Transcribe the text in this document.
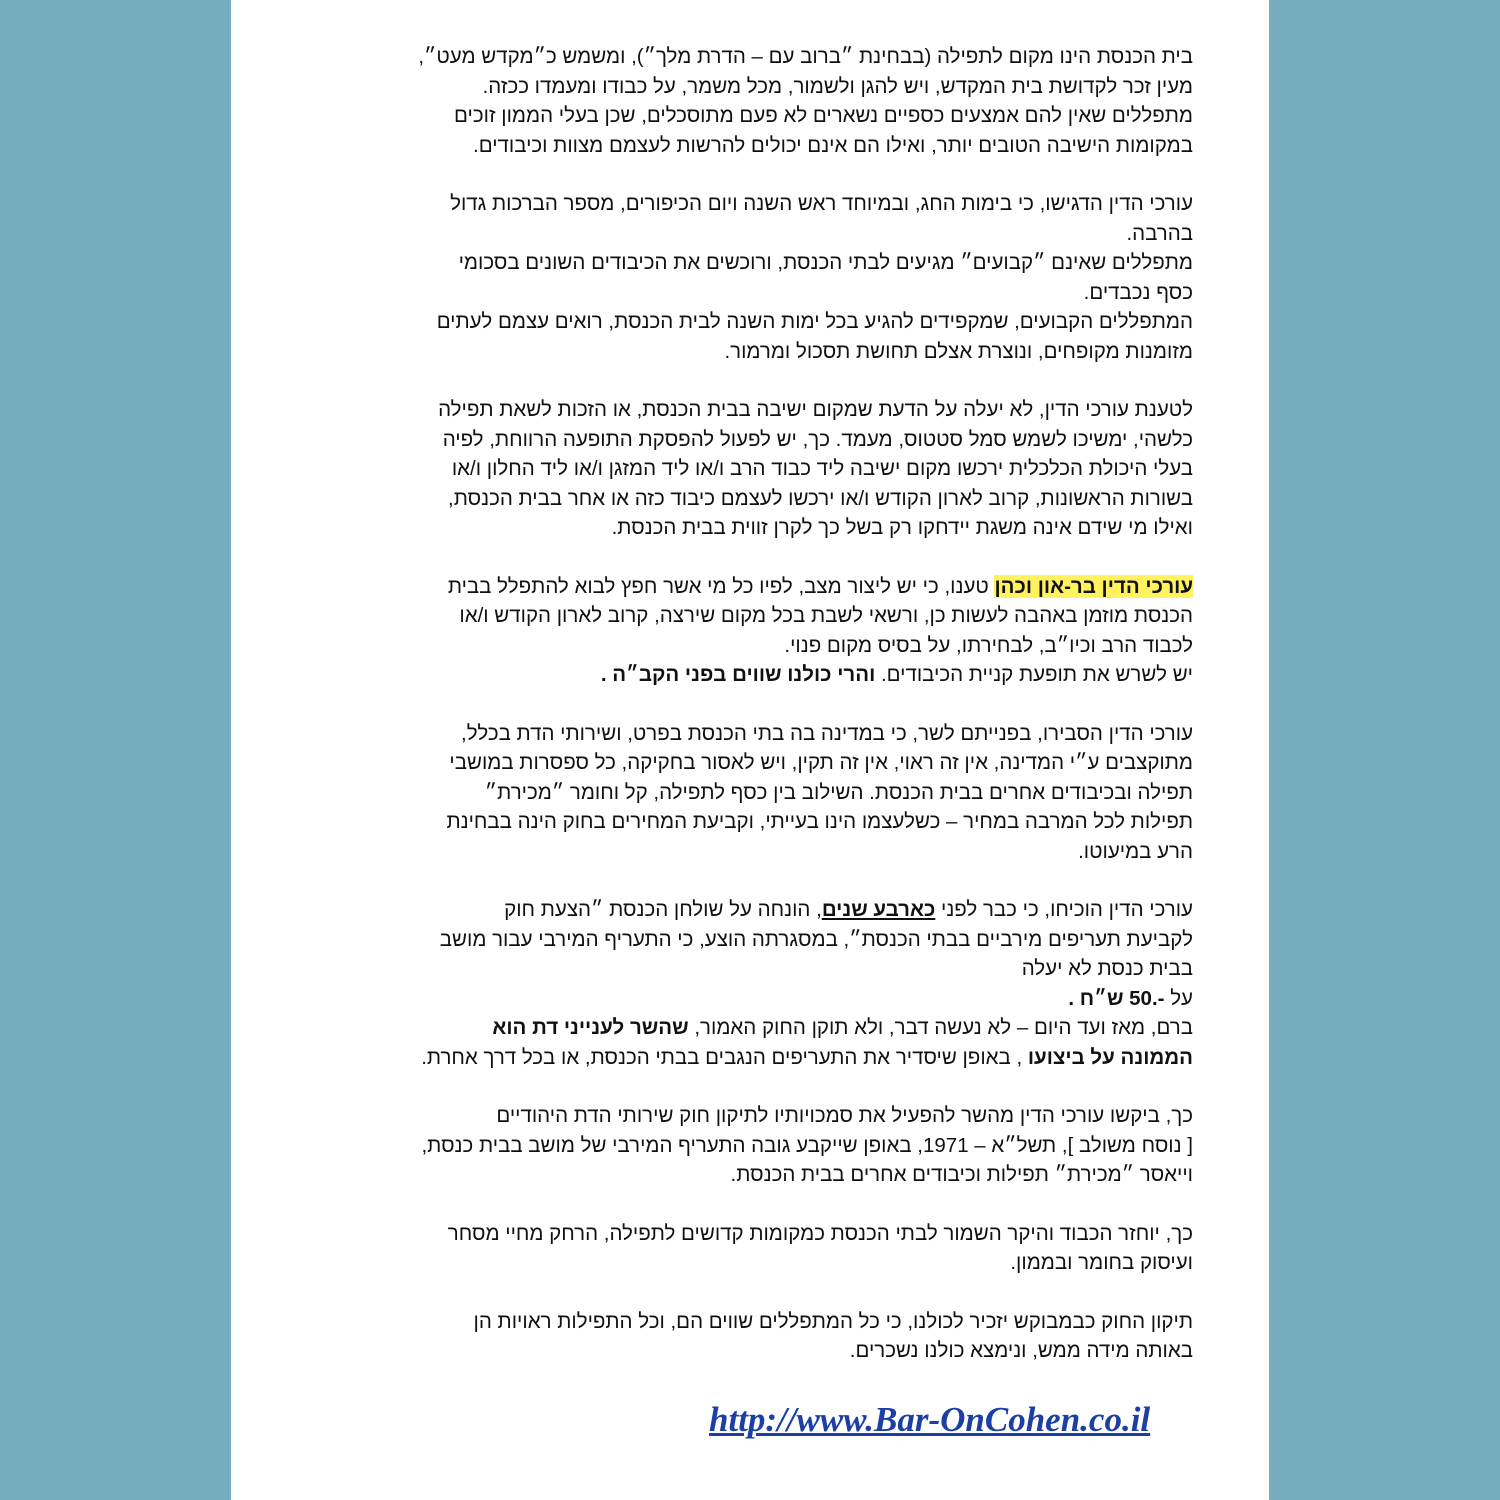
בית הכנסת הינו מקום לתפילה (בבחינת ״ברוב עם – הדרת מלך״), ומשמש כ״מקדש מעט״,
מעין זכר לקדושת בית המקדש, ויש להגן ולשמור, מכל משמר, על כבודו ומעמדו ככזה.
מתפללים שאין להם אמצעים כספיים נשארים לא פעם מתוסכלים, שכן בעלי הממון זוכים
במקומות הישיבה הטובים יותר, ואילו הם אינם יכולים להרשות לעצמם מצוות וכיבודים.

עורכי הדין הדגישו, כי בימות החג, ובמיוחד ראש השנה ויום הכיפורים, מספר הברכות גדול
בהרבה.
מתפללים שאינם ״קבועים״ מגיעים לבתי הכנסת, ורוכשים את הכיבודים השונים בסכומי
כסף נכבדים.
המתפללים הקבועים, שמקפידים להגיע בכל ימות השנה לבית הכנסת, רואים עצמם לעתים
מזומנות מקופחים, ונוצרת אצלם תחושת תסכול ומרמור.

לטענת עורכי הדין, לא יעלה על הדעת שמקום ישיבה בבית הכנסת, או הזכות לשאת תפילה
כלשהי, ימשיכו לשמש סמל סטטוס, מעמד. כך, יש לפעול להפסקת התופעה הרווחת, לפיה
בעלי היכולת הכלכלית ירכשו מקום ישיבה ליד כבוד הרב ו/או ליד המזגן ו/או ליד החלון ו/או
בשורות הראשונות, קרוב לארון הקודש ו/או ירכשו לעצמם כיבוד כזה או אחר בבית הכנסת,
ואילו מי שידם אינה משגת יידחקו רק בשל כך לקרן זווית בבית הכנסת.

עורכי הדין בר-און וכהן טענו, כי יש ליצור מצב, לפיו כל מי אשר חפץ לבוא להתפלל בבית
הכנסת מוזמן באהבה לעשות כן, ורשאי לשבת בכל מקום שירצה, קרוב לארון הקודש ו/או
לכבוד הרב וכיו״ב, לבחירתו, על בסיס מקום פנוי.
יש לשרש את תופעת קניית הכיבודים. והרי כולנו שווים בפני הקב״ה .

עורכי הדין הסבירו, בפנייתם לשר, כי במדינה בה בתי הכנסת בפרט, ושירותי הדת בכלל,
מתוקצבים ע״י המדינה, אין זה ראוי, אין זה תקין, ויש לאסור בחקיקה, כל ספסרות במושבי
תפילה ובכיבודים אחרים בבית הכנסת. השילוב בין כסף לתפילה, קל וחומר ״מכירת״
תפילות לכל המרבה במחיר – כשלעצמו הינו בעייתי, וקביעת המחירים בחוק הינה בבחינת
הרע במיעוטו.

עורכי הדין הוכיחו, כי כבר לפני כארבע שנים, הונחה על שולחן הכנסת ״הצעת חוק
לקביעת תעריפים מירביים בבתי הכנסת״, במסגרתה הוצע, כי התעריף המירבי עבור מושב
בבית כנסת לא יעלה
על -.50 ש״ח .
ברם, מאז ועד היום – לא נעשה דבר, ולא תוקן החוק האמור, שהשר לענייני דת הוא
הממונה על ביצועו , באופן שיסדיר את התעריפים הנגבים בבתי הכנסת, או בכל דרך אחרת.

כך, ביקשו עורכי הדין מהשר להפעיל את סמכויותיו לתיקון חוק שירותי הדת היהודיים
[ נוסח משולב ], תשל״א – 1971, באופן שייקבע גובה התעריף המירבי של מושב בבית כנסת,
וייאסר ״מכירת״ תפילות וכיבודים אחרים בבית הכנסת.

כך, יוחזר הכבוד והיקר השמור לבתי הכנסת כמקומות קדושים לתפילה, הרחק מחיי מסחר
ועיסוק בחומר ובממון.

תיקון החוק כבמבוקש יזכיר לכולנו, כי כל המתפללים שווים הם, וכל התפילות ראויות הן
באותה מידה ממש, ונימצא כולנו נשכרים.

http://www.Bar-OnCohen.co.il
